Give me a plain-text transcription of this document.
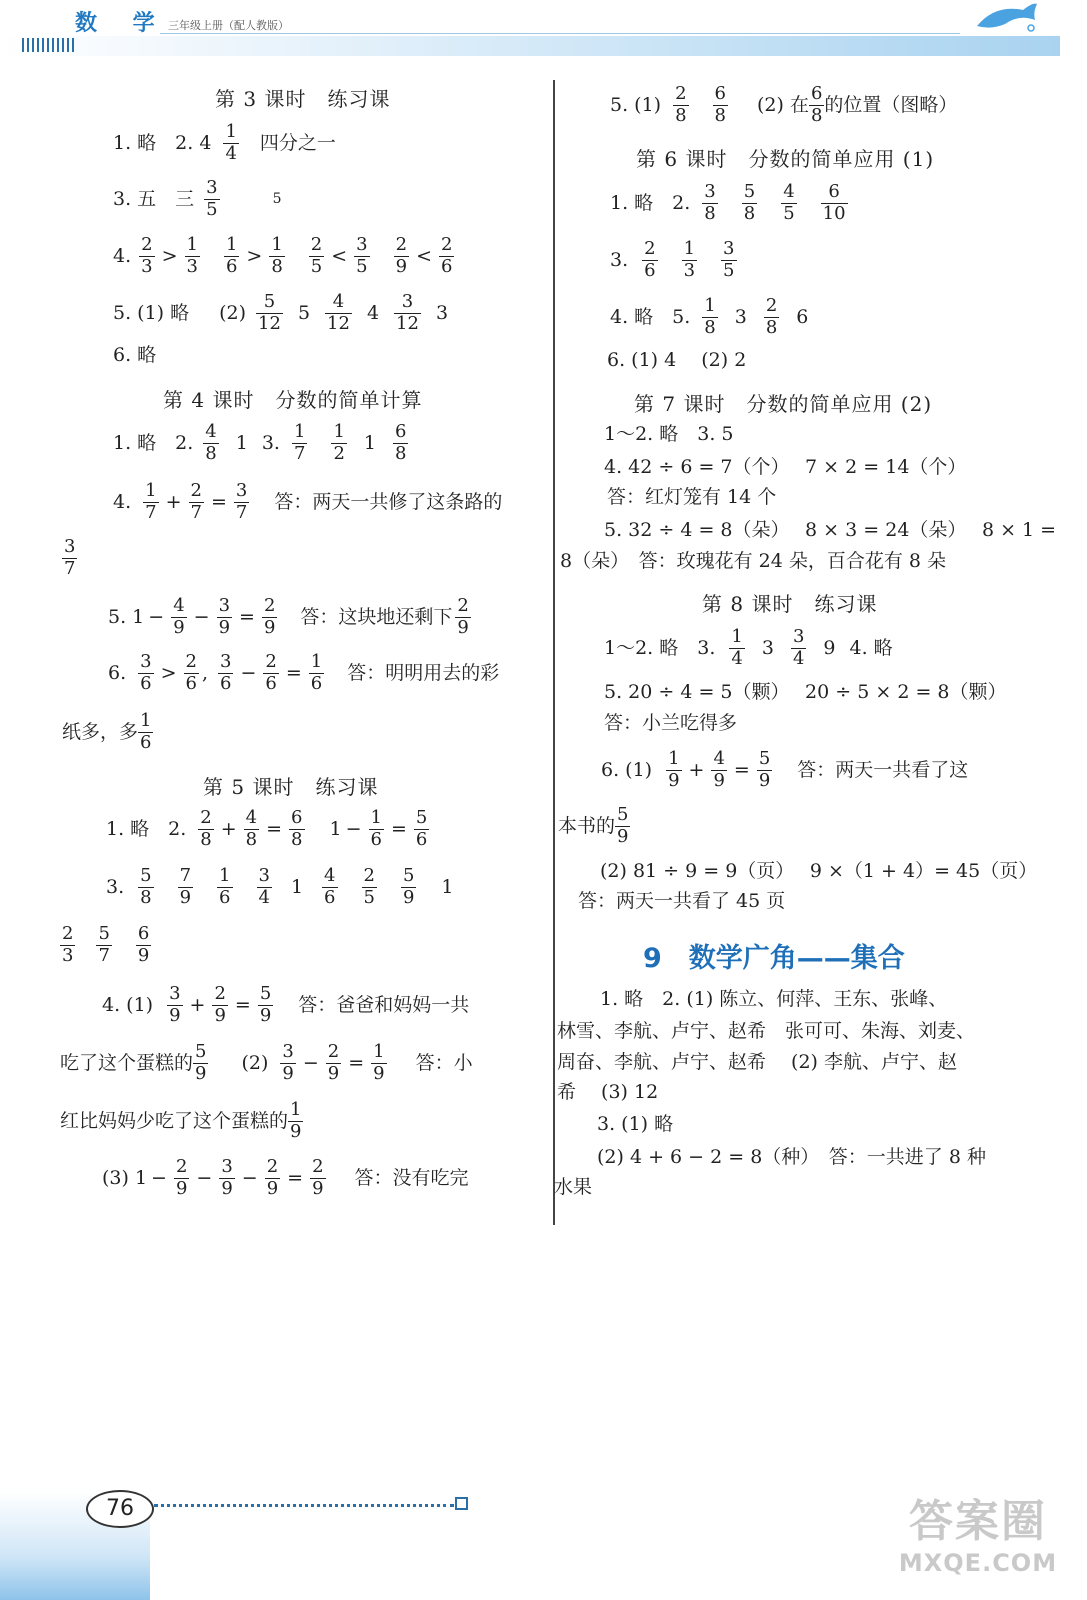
数 学 三年级上册（配人教版）
第 3 课时　练习课
1. 略　2. $4 \frac{1}{4}$ 四分之一
3. 五　三 $\frac{3}{5}$	5
4. $\frac{2}{3} > \frac{1}{3} \frac{1}{6} > \frac{1}{8} \frac{2}{5} < \frac{3}{5} \frac{2}{9} < \frac{2}{6}$
5. (1) 略 $(2) \frac{5}{12} 5 \frac{4}{12} 4 \frac{3}{12} 3$
6. 略
第 4 课时　分数的简单计算
1. 略　2. $\frac{4}{8} 1$ 3. $\frac{1}{7} \frac{1}{2} 1 \frac{6}{8}$
4. $\frac{1}{7} + \frac{2}{7} = \frac{3}{7}$ 答：两天一共修了这条路的
$\frac{3}{7}$
5. $1 - \frac{4}{9} - \frac{3}{9} = \frac{2}{9}$ 答：这块地还剩下 $\frac{2}{9}$
6. $\frac{3}{6} > \frac{2}{6}$ , $\frac{3}{6} - \frac{2}{6} = \frac{1}{6}$ 答：明明用去的彩
纸多，多 $\frac{1}{6}$
第 5 课时　练习课
1. 略　2. $\frac{2}{8} + \frac{4}{8} = \frac{6}{8} 1 - \frac{1}{6} = \frac{5}{6}$
3. $\frac{5}{8} \frac{7}{9} \frac{1}{6} \frac{3}{4} 1 \frac{4}{6} \frac{2}{5} \frac{5}{9} 1$
$\frac{2}{3} \frac{5}{7} \frac{6}{9}$
4. $(1) \frac{3}{9} + \frac{2}{9} = \frac{5}{9}$ 答：爸爸和妈妈一共
吃了这个蛋糕的 $\frac{5}{9} (2) \frac{3}{9} - \frac{2}{9} = \frac{1}{9}$ 答：小
红比妈妈少吃了这个蛋糕的 $\frac{1}{9}$
(3) $1 - \frac{2}{9} - \frac{3}{9} - \frac{2}{9} = \frac{2}{9}$ 答：没有吃完
5. $(1) \frac{2}{8} \frac{6}{8} (2)$ 在 $\frac{6}{8}$ 的位置（图略）
第 6 课时　分数的简单应用 (1)
1. 略　2. $\frac{3}{8} \frac{5}{8} \frac{4}{5} \frac{6}{10}$
3. $\frac{2}{6} \frac{1}{3} \frac{3}{5}$
4. 略　5. $\frac{1}{8} 3 \frac{2}{8} 6$
6. (1) 4　 (2) 2
第 7 课时　分数的简单应用 (2)
1～2. 略　3. 5
4. 42 ÷ 6 = 7（个）　 7 × 2 = 14（个）
答：红灯笼有 14 个
5. 32 ÷ 4 = 8（朵）　 8 × 3 = 24（朵）　 8 × 1 =
8（朵）　答：玫瑰花有 24 朵，百合花有 8 朵
第 8 课时　练习课
1～2. 略　3. $\frac{1}{4} 3 \frac{3}{4} 9$ 4. 略
5. 20 ÷ 4 = 5（颗）　 20 ÷ 5 × 2 = 8（颗）
答：小兰吃得多
6. $(1) \frac{1}{9} + \frac{4}{9} = \frac{5}{9}$ 答：两天一共看了这
本书的 $\frac{5}{9}$
(2) 81 ÷ 9 = 9（页）　 9 ×（1 + 4）= 45（页）
答：两天一共看了 45 页
9　数学广角——集合
1. 略　2. (1) 陈立、何萍、王东、张峰、
林雪、李航、卢宁、赵希　张可可、朱海、刘麦、
周奋、李航、卢宁、赵希　 (2) 李航、卢宁、赵
希　 (3) 12
3. (1) 略
(2) 4 + 6 − 2 = 8（种）　答：一共进了 8 种
水果
76	答案圈
MXQE.COM
